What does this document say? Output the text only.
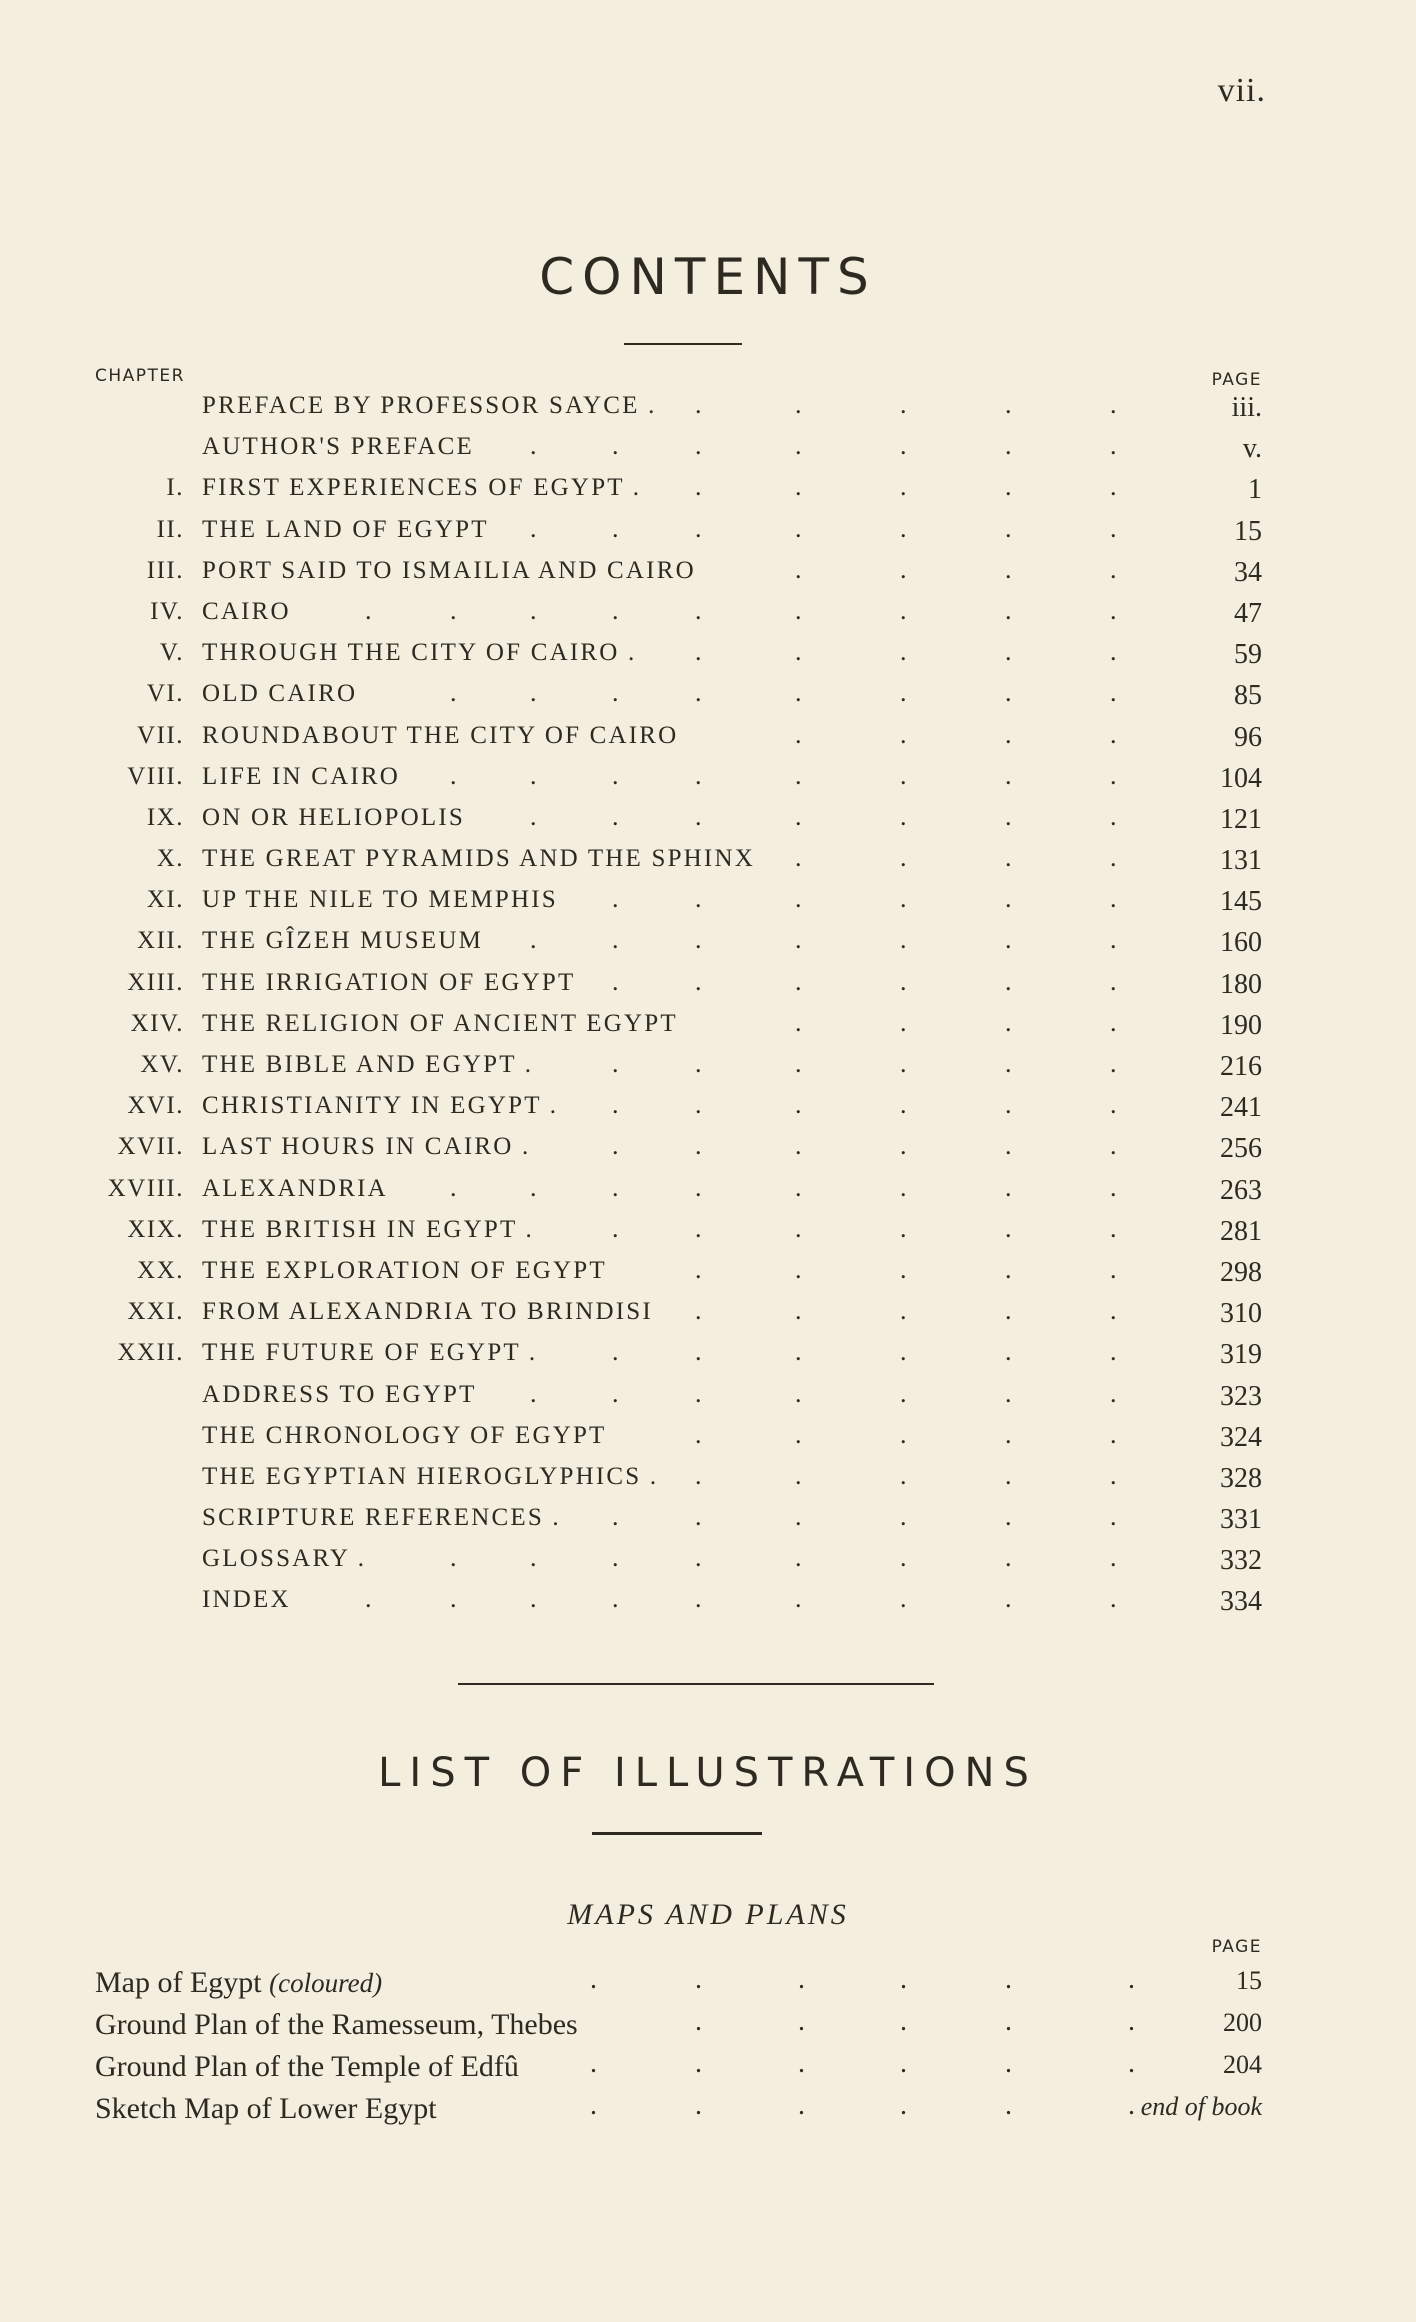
vii.
CONTENTS
CHAPTER	PAGE
PREFACE BY PROFESSOR SAYCE .	iii.
.	.	.	.	.
AUTHOR'S PREFACE	v.
.	.	.	.	.	.	.
I. FIRST EXPERIENCES OF EGYPT .	1
.	.	.	.	.
II. THE LAND OF EGYPT	15
.	.	.	.	.	.	.
III. PORT SAID TO ISMAILIA AND CAIRO	34
.	.	.	.
IV. CAIRO	47
.	.	.	.	.	.	.	.	.
V. THROUGH THE CITY OF CAIRO .	59
.	.	.	.	.
VI. OLD CAIRO	85
.	.	.	.	.	.	.	.
VII. ROUNDABOUT THE CITY OF CAIRO	96
.	.	.	.
VIII. LIFE IN CAIRO	104
.	.	.	.	.	.	.	.
IX. ON OR HELIOPOLIS	121
.	.	.	.	.	.	.
X. THE GREAT PYRAMIDS AND THE SPHINX	131
.	.	.	.
XI. UP THE NILE TO MEMPHIS	145
.	.	.	.	.	.
XII. THE GÎZEH MUSEUM	160
.	.	.	.	.	.	.
XIII. THE IRRIGATION OF EGYPT	180
.	.	.	.	.	.
XIV. THE RELIGION OF ANCIENT EGYPT	190
.	.	.	.
XV. THE BIBLE AND EGYPT .	216
.	.	.	.	.	.
XVI. CHRISTIANITY IN EGYPT .	241
.	.	.	.	.	.
XVII. LAST HOURS IN CAIRO .	256
.	.	.	.	.	.
XVIII. ALEXANDRIA	263
.	.	.	.	.	.	.	.
XIX. THE BRITISH IN EGYPT .	281
.	.	.	.	.	.
XX. THE EXPLORATION OF EGYPT	298
.	.	.	.	.
XXI. FROM ALEXANDRIA TO BRINDISI	310
.	.	.	.	.
XXII. THE FUTURE OF EGYPT .	319
.	.	.	.	.	.
ADDRESS TO EGYPT	323
.	.	.	.	.	.	.
THE CHRONOLOGY OF EGYPT	324
.	.	.	.	.
THE EGYPTIAN HIEROGLYPHICS .	328
.	.	.	.	.
SCRIPTURE REFERENCES .	331
.	.	.	.	.	.
GLOSSARY .	332
.	.	.	.	.	.	.	.
INDEX	334
.	.	.	.	.	.	.	.	.
LIST OF ILLUSTRATIONS
MAPS AND PLANS
PAGE
Map of Egypt (coloured)	15
.	.	.	.	.	.
Ground Plan of the Ramesseum, Thebes	200
.	.	.	.	.
Ground Plan of the Temple of Edfû	204
.	.	.	.	.	.
Sketch Map of Lower Egypt	end of book
.	.	.	.	.	.
